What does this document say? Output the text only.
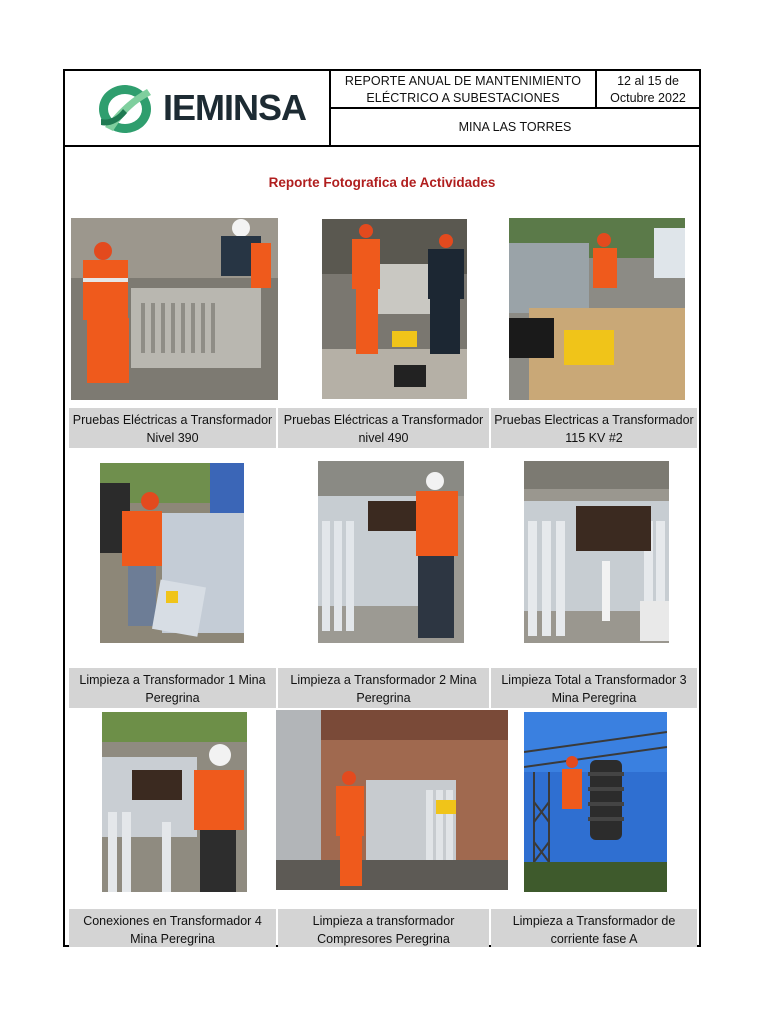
IEMINSA
REPORTE ANUAL DE MANTENIMIENTO
ELÉCTRICO A SUBESTACIONES
12 al 15 de
Octubre 2022
MINA LAS TORRES
Reporte Fotografica de Actividades
Pruebas Eléctricas a Transformador
Nivel 390
Pruebas Eléctricas a Transformador
nivel 490
Pruebas Electricas a Transformador
115 KV #2
Limpieza a Transformador 1 Mina
Peregrina
Limpieza a Transformador 2 Mina
Peregrina
Limpieza Total a Transformador 3
Mina Peregrina
Conexiones en Transformador 4
Mina Peregrina
Limpieza a transformador
Compresores Peregrina
Limpieza a Transformador de
corriente fase A
